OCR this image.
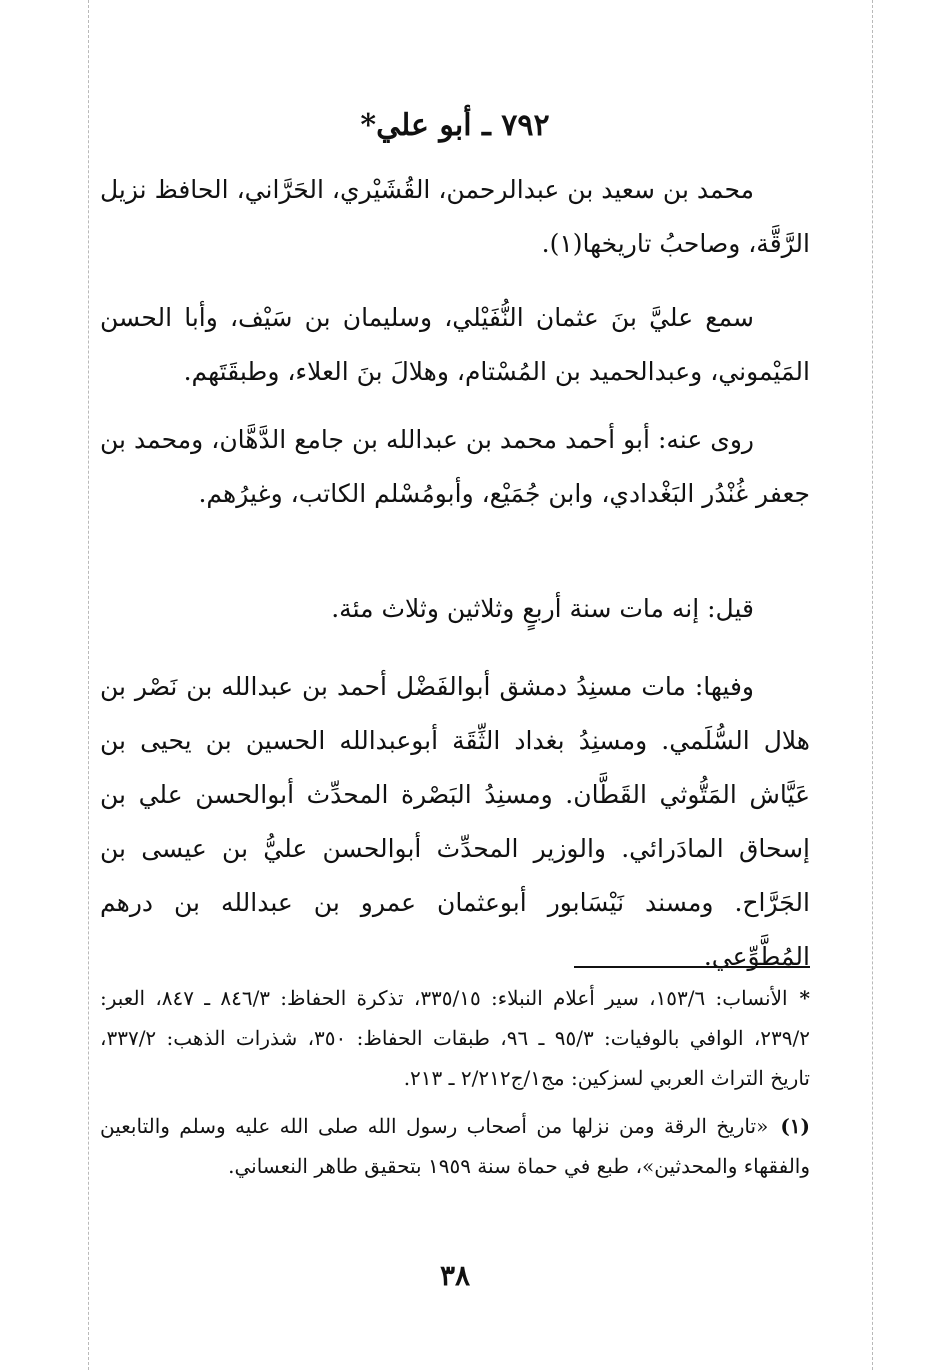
٧٩٢ ـ أبو علي*

محمد بن سعيد بن عبدالرحمن، القُشَيْري، الحَرَّاني، الحافظ نزيل الرَّقَّة، وصاحبُ تاريخها(١).

سمع عليَّ بنَ عثمان النُّفَيْلي، وسليمان بن سَيْف، وأبا الحسن المَيْموني، وعبدالحميد بن المُسْتام، وهلالَ بنَ العلاء، وطبقَتَهم.

روى عنه: أبو أحمد محمد بن عبدالله بن جامع الدَّهَّان، ومحمد بن جعفر غُنْدُر البَغْدادي، وابن جُمَيْع، وأبومُسْلم الكاتب، وغيرُهم.

قيل: إنه مات سنة أربعٍ وثلاثين وثلاث مئة.

وفيها: مات مسنِدُ دمشق أبوالفَضْل أحمد بن عبدالله بن نَصْر بن هلال السُّلَمي. ومسنِدُ بغداد الثِّقَة أبوعبدالله الحسين بن يحيى بن عَيَّاش المَتُّوثي القَطَّان. ومسنِدُ البَصْرة المحدِّث أبوالحسن علي بن إسحاق المادَرائي. والوزير المحدِّث أبوالحسن عليُّ بن عيسى بن الجَرَّاح. ومسند نَيْسَابور أبوعثمان عمرو بن عبدالله بن درهم المُطَّوِّعي.

*الأنساب: ١٥٣/٦، سير أعلام النبلاء: ٣٣٥/١٥، تذكرة الحفاظ: ٨٤٦/٣ ـ ٨٤٧، العبر: ٢٣٩/٢، الوافي بالوفيات: ٩٥/٣ ـ ٩٦، طبقات الحفاظ: ٣٥٠، شذرات الذهب: ٣٣٧/٢، تاريخ التراث العربي لسزكين: مج١/ج٢/٢١٢ ـ ٢١٣.

(١)«تاريخ الرقة ومن نزلها من أصحاب رسول الله صلى الله عليه وسلم والتابعين والفقهاء والمحدثين»، طبع في حماة سنة ١٩٥٩ بتحقيق طاهر النعساني.

٣٨
